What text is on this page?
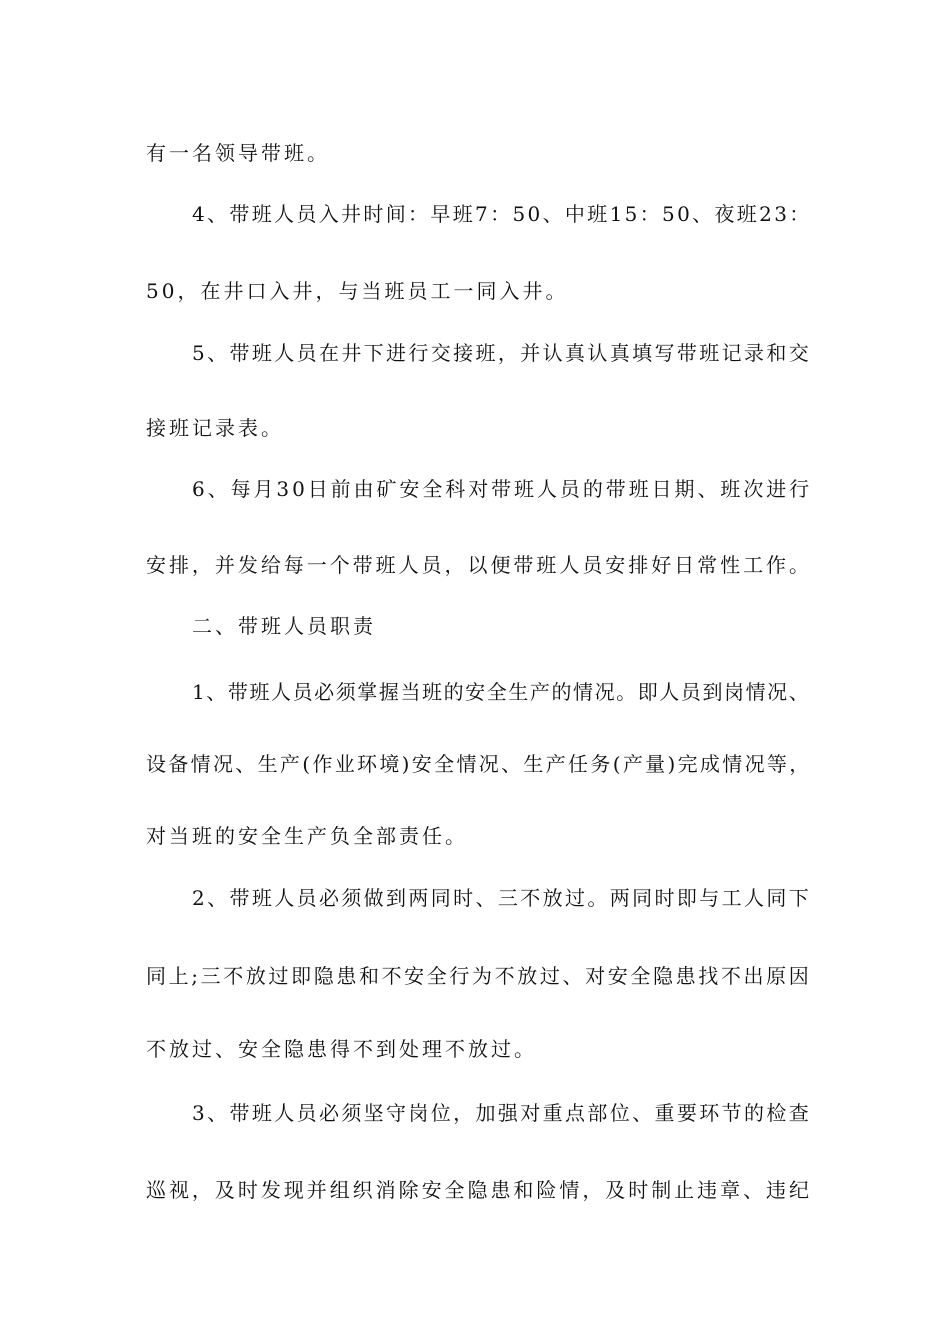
有一名领导带班。
4、带班人员入井时间：早班7：50、中班15：50、夜班23：
50，在井口入井，与当班员工一同入井。
5、带班人员在井下进行交接班，并认真认真填写带班记录和交
接班记录表。
6、每月30日前由矿安全科对带班人员的带班日期、班次进行
安排，并发给每一个带班人员，以便带班人员安排好日常性工作。
二、带班人员职责
1、带班人员必须掌握当班的安全生产的情况。即人员到岗情况、
设备情况、生产(作业环境)安全情况、生产任务(产量)完成情况等，
对当班的安全生产负全部责任。
2、带班人员必须做到两同时、三不放过。两同时即与工人同下
同上;三不放过即隐患和不安全行为不放过、对安全隐患找不出原因
不放过、安全隐患得不到处理不放过。
3、带班人员必须坚守岗位，加强对重点部位、重要环节的检查
巡视，及时发现并组织消除安全隐患和险情，及时制止违章、违纪
